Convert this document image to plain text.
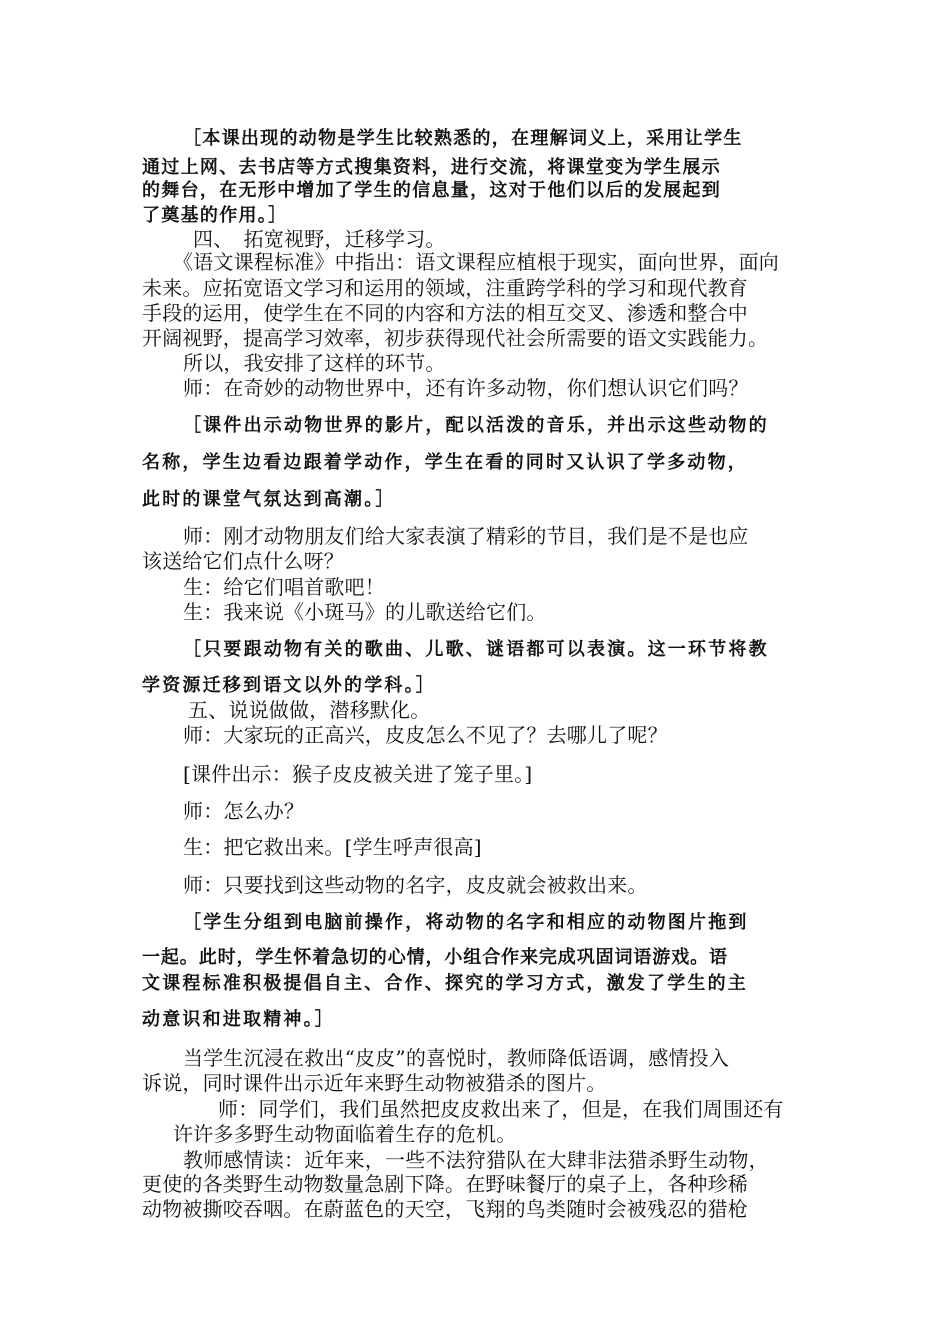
［本课出现的动物是学生比较熟悉的，在理解词义上，采用让学生

通过上网、去书店等方式搜集资料，进行交流，将课堂变为学生展示

的舞台，在无形中增加了学生的信息量，这对于他们以后的发展起到

了奠基的作用。］

四、　拓宽视野，迁移学习。

《语文课程标准》中指出：语文课程应植根于现实，面向世界，面向

未来。应拓宽语文学习和运用的领域，注重跨学科的学习和现代教育

手段的运用，使学生在不同的内容和方法的相互交叉、渗透和整合中

开阔视野，提高学习效率，初步获得现代社会所需要的语文实践能力。

所以，我安排了这样的环节。

师：在奇妙的动物世界中，还有许多动物，你们想认识它们吗？

［课件出示动物世界的影片，配以活泼的音乐，并出示这些动物的

名称，学生边看边跟着学动作，学生在看的同时又认识了学多动物，

此时的课堂气氛达到高潮。］

师：刚才动物朋友们给大家表演了精彩的节目，我们是不是也应

该送给它们点什么呀？

生：给它们唱首歌吧！

生：我来说《小斑马》的儿歌送给它们。

［只要跟动物有关的歌曲、儿歌、谜语都可以表演。这一环节将教

学资源迁移到语文以外的学科。］

五、说说做做，潜移默化。

师：大家玩的正高兴，皮皮怎么不见了？去哪儿了呢？

[课件出示：猴子皮皮被关进了笼子里。]

师：怎么办？

生：把它救出来。[学生呼声很高]

师：只要找到这些动物的名字，皮皮就会被救出来。

［学生分组到电脑前操作，将动物的名字和相应的动物图片拖到

一起。此时，学生怀着急切的心情，小组合作来完成巩固词语游戏。语

文课程标准积极提倡自主、合作、探究的学习方式，激发了学生的主

动意识和进取精神。］

当学生沉浸在救出“皮皮”的喜悦时，教师降低语调，感情投入

诉说，同时课件出示近年来野生动物被猎杀的图片。

师：同学们，我们虽然把皮皮救出来了，但是，在我们周围还有

许许多多野生动物面临着生存的危机。

教师感情读：近年来，一些不法狩猎队在大肆非法猎杀野生动物，

更使的各类野生动物数量急剧下降。在野味餐厅的桌子上，各种珍稀

动物被撕咬吞咽。在蔚蓝色的天空，飞翔的鸟类随时会被残忍的猎枪
